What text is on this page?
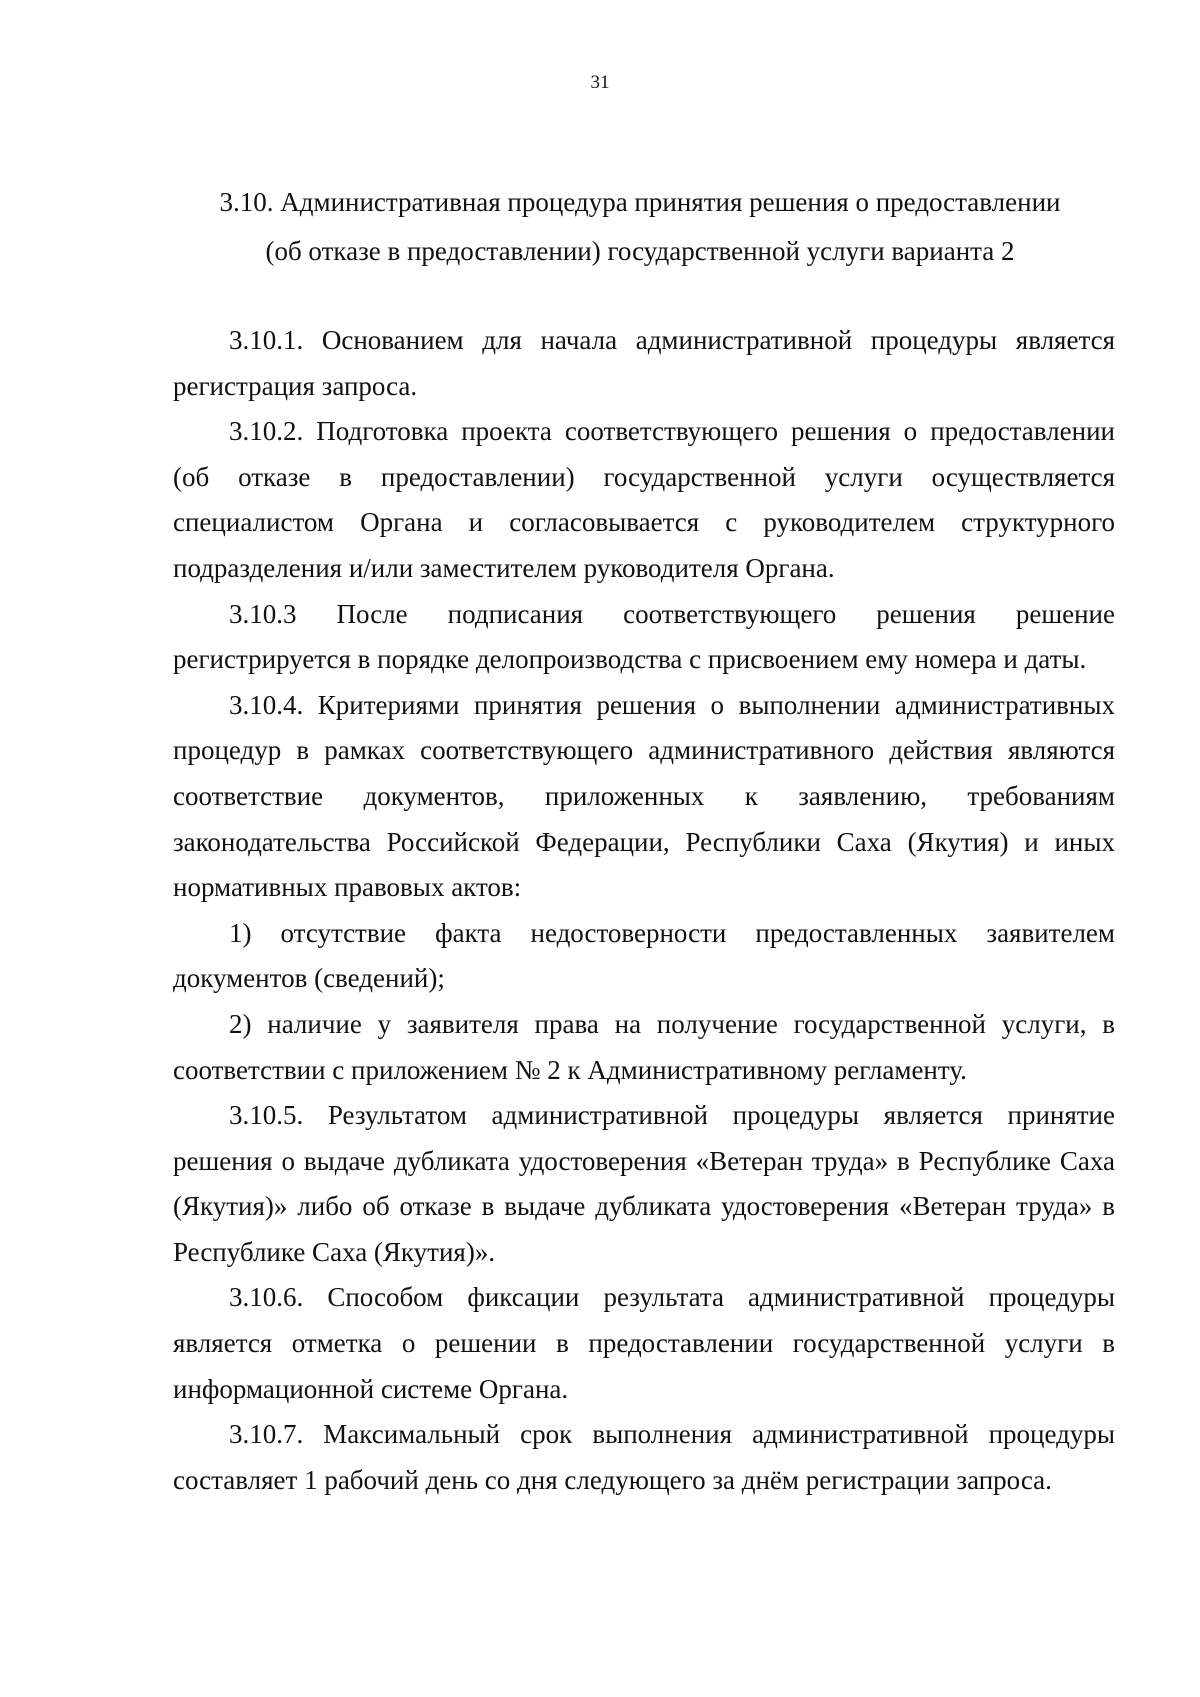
31
3.10. Административная процедура принятия решения о предоставлении
(об отказе в предоставлении) государственной услуги варианта 2

3.10.1. Основанием для начала административной процедуры является регистрация запроса.

3.10.2. Подготовка проекта соответствующего решения о предоставлении (об отказе в предоставлении) государственной услуги осуществляется специалистом Органа и согласовывается с руководителем структурного подразделения и/или заместителем руководителя Органа.

3.10.3 После подписания соответствующего решения решение регистрируется в порядке делопроизводства с присвоением ему номера и даты.

3.10.4. Критериями принятия решения о выполнении административных процедур в рамках соответствующего административного действия являются соответствие документов, приложенных к заявлению, требованиям законодательства Российской Федерации, Республики Саха (Якутия) и иных нормативных правовых актов:

1) отсутствие факта недостоверности предоставленных заявителем документов (сведений);

2) наличие у заявителя права на получение государственной услуги, в соответствии с приложением № 2 к Административному регламенту.

3.10.5. Результатом административной процедуры является принятие решения о выдаче дубликата удостоверения «Ветеран труда» в Республике Саха (Якутия)» либо об отказе в выдаче дубликата удостоверения «Ветеран труда» в Республике Саха (Якутия)».

3.10.6. Способом фиксации результата административной процедуры является отметка о решении в предоставлении государственной услуги в информационной системе Органа.

3.10.7. Максимальный срок выполнения административной процедуры составляет 1 рабочий день со дня следующего за днём регистрации запроса.
